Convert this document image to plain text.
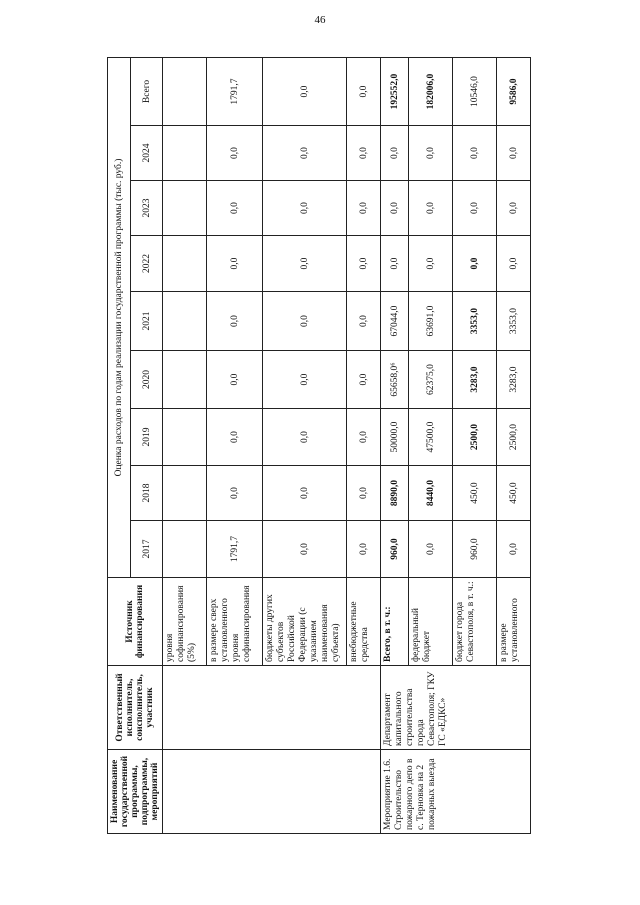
46
Наименование государственной программы, подпрограммы, мероприятий	Ответственный исполнитель, соисполнитель, участник	Источник финансирования	Оценка расходов по годам реализации государственной программы (тыс. руб.)								
			2017	2018	2019	2020	2021	2022	2023	2024	Всего
		уровня софинансирования (5%)									
		в размере сверх установленного уровня софинансирования	1791,7	0,0	0,0	0,0	0,0	0,0	0,0	0,0	1791,7
		бюджеты других субъектов Российской Федерации (с указанием наименования субъекта)	0,0	0,0	0,0	0,0	0,0	0,0	0,0	0,0	0,0
		внебюджетные средства	0,0	0,0	0,0	0,0	0,0	0,0	0,0	0,0	0,0
Мероприятие 1.6. Строительство пожарного депо в с. Терновка на 2 пожарных выезда	Департамент капитального строительства города Севастополя; ГКУ ГС «ЕДКС»	Всего, в т. ч.:	960,0	8890,0	50000,0	65658,0⁶	67044,0	0,0	0,0	0,0	192552,0
		федеральный бюджет	0,0	8440,0	47500,0	62375,0	63691,0	0,0	0,0	0,0	182006,0
		бюджет города Севастополя, в т. ч.:	960,0	450,0	2500,0	3283,0	3353,0	0,0	0,0	0,0	10546,0
		в размере установленного	0,0	450,0	2500,0	3283,0	3353,0	0,0	0,0	0,0	9586,0
